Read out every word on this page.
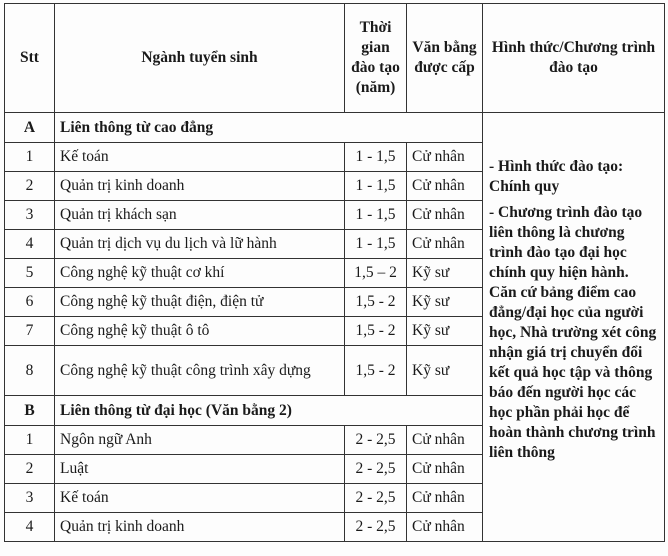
Stt	Ngành tuyển sinh	Thời gian đào tạo (năm)	Văn bằng được cấp	Hình thức/Chương trình đào tạo
A	Liên thông từ cao đẳng			- Hình thức đào tạo: Chính quy

- Chương trình đào tạo liên thông là chương trình đào tạo đại học chính quy hiện hành. Căn cứ bảng điểm cao đẳng/đại học của người học, Nhà trường xét công nhận giá trị chuyển đổi kết quả học tập và thông báo đến người học các học phần phải học để hoàn thành chương trình liên thông

1	Kế toán	1 - 1,5	Cử nhân	
2	Quản trị kinh doanh	1 - 1,5	Cử nhân	
3	Quản trị khách sạn	1 - 1,5	Cử nhân	
4	Quản trị dịch vụ du lịch và lữ hành	1 - 1,5	Cử nhân	
5	Công nghệ kỹ thuật cơ khí	1,5 – 2	Kỹ sư	
6	Công nghệ kỹ thuật điện, điện tử	1,5 - 2	Kỹ sư	
7	Công nghệ kỹ thuật ô tô	1,5 - 2	Kỹ sư	
8	Công nghệ kỹ thuật công trình xây dựng	1,5 - 2	Kỹ sư	
B	Liên thông từ đại học (Văn bằng 2)			
1	Ngôn ngữ Anh	2 - 2,5	Cử nhân	
2	Luật	2 - 2,5	Cử nhân	
3	Kế toán	2 - 2,5	Cử nhân	
4	Quản trị kinh doanh	2 - 2,5	Cử nhân	
